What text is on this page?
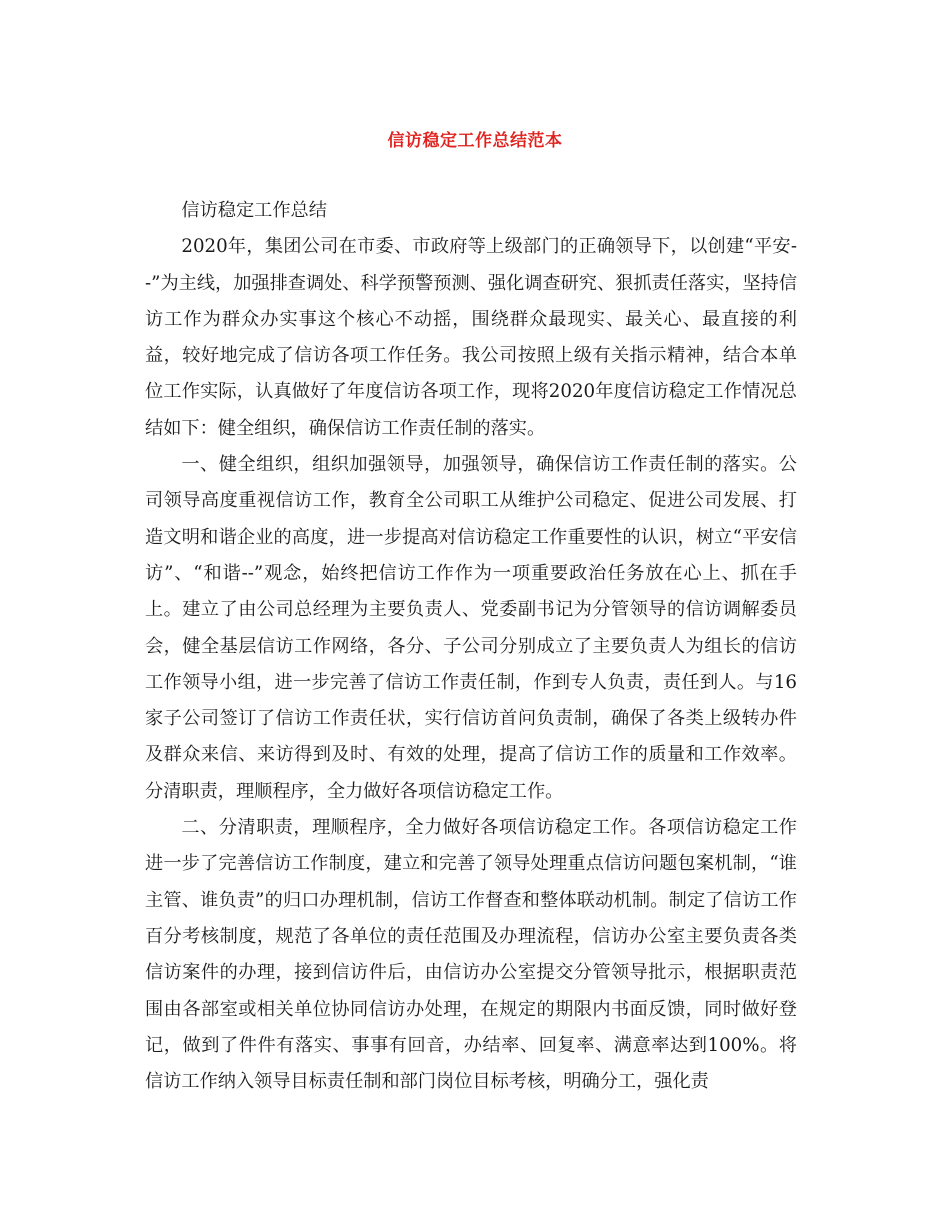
信访稳定工作总结范本

信访稳定工作总结

2020年，集团公司在市委、市政府等上级部门的正确领导下，以创建“平安--”为主线，加强排查调处、科学预警预测、强化调查研究、狠抓责任落实，坚持信访工作为群众办实事这个核心不动摇，围绕群众最现实、最关心、最直接的利益，较好地完成了信访各项工作任务。我公司按照上级有关指示精神，结合本单位工作实际，认真做好了年度信访各项工作，现将2020年度信访稳定工作情况总结如下：健全组织，确保信访工作责任制的落实。

一、健全组织，组织加强领导，加强领导，确保信访工作责任制的落实。公司领导高度重视信访工作，教育全公司职工从维护公司稳定、促进公司发展、打造文明和谐企业的高度，进一步提高对信访稳定工作重要性的认识，树立“平安信访”、“和谐--”观念，始终把信访工作作为一项重要政治任务放在心上、抓在手上。建立了由公司总经理为主要负责人、党委副书记为分管领导的信访调解委员会，健全基层信访工作网络，各分、子公司分别成立了主要负责人为组长的信访工作领导小组，进一步完善了信访工作责任制，作到专人负责，责任到人。与16家子公司签订了信访工作责任状，实行信访首问负责制，确保了各类上级转办件及群众来信、来访得到及时、有效的处理，提高了信访工作的质量和工作效率。分清职责，理顺程序，全力做好各项信访稳定工作。

二、分清职责，理顺程序，全力做好各项信访稳定工作。各项信访稳定工作进一步了完善信访工作制度，建立和完善了领导处理重点信访问题包案机制，“谁主管、谁负责”的归口办理机制，信访工作督查和整体联动机制。制定了信访工作百分考核制度，规范了各单位的责任范围及办理流程，信访办公室主要负责各类信访案件的办理，接到信访件后，由信访办公室提交分管领导批示，根据职责范围由各部室或相关单位协同信访办处理，在规定的期限内书面反馈，同时做好登记，做到了件件有落实、事事有回音，办结率、回复率、满意率达到100%。将信访工作纳入领导目标责任制和部门岗位目标考核，明确分工，强化责
